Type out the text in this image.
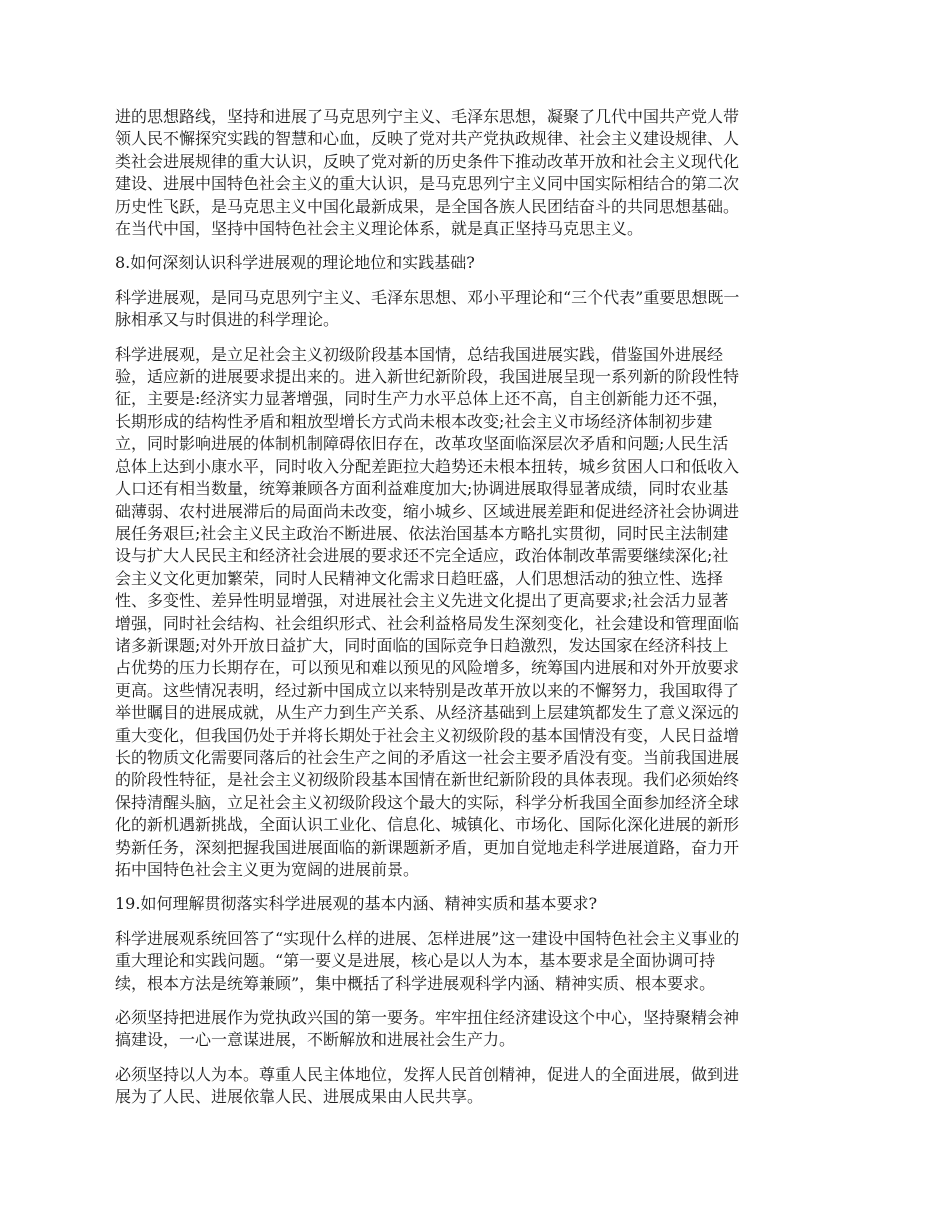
进的思想路线，坚持和进展了马克思列宁主义、毛泽东思想，凝聚了几代中国共产党人带
领人民不懈探究实践的智慧和心血，反映了党对共产党执政规律、社会主义建设规律、人
类社会进展规律的重大认识，反映了党对新的历史条件下推动改革开放和社会主义现代化
建设、进展中国特色社会主义的重大认识，是马克思列宁主义同中国实际相结合的第二次
历史性飞跃，是马克思主义中国化最新成果，是全国各族人民团结奋斗的共同思想基础。
在当代中国，坚持中国特色社会主义理论体系，就是真正坚持马克思主义。

8.如何深刻认识科学进展观的理论地位和实践基础?

科学进展观，是同马克思列宁主义、毛泽东思想、邓小平理论和“三个代表”重要思想既一
脉相承又与时俱进的科学理论。

科学进展观，是立足社会主义初级阶段基本国情，总结我国进展实践，借鉴国外进展经
验，适应新的进展要求提出来的。进入新世纪新阶段，我国进展呈现一系列新的阶段性特
征，主要是:经济实力显著增强，同时生产力水平总体上还不高，自主创新能力还不强，
长期形成的结构性矛盾和粗放型增长方式尚未根本改变;社会主义市场经济体制初步建
立，同时影响进展的体制机制障碍依旧存在，改革攻坚面临深层次矛盾和问题;人民生活
总体上达到小康水平，同时收入分配差距拉大趋势还未根本扭转，城乡贫困人口和低收入
人口还有相当数量，统筹兼顾各方面利益难度加大;协调进展取得显著成绩，同时农业基
础薄弱、农村进展滞后的局面尚未改变，缩小城乡、区域进展差距和促进经济社会协调进
展任务艰巨;社会主义民主政治不断进展、依法治国基本方略扎实贯彻，同时民主法制建
设与扩大人民民主和经济社会进展的要求还不完全适应，政治体制改革需要继续深化;社
会主义文化更加繁荣，同时人民精神文化需求日趋旺盛，人们思想活动的独立性、选择
性、多变性、差异性明显增强，对进展社会主义先进文化提出了更高要求;社会活力显著
增强，同时社会结构、社会组织形式、社会利益格局发生深刻变化，社会建设和管理面临
诸多新课题;对外开放日益扩大，同时面临的国际竞争日趋激烈，发达国家在经济科技上
占优势的压力长期存在，可以预见和难以预见的风险增多，统筹国内进展和对外开放要求
更高。这些情况表明，经过新中国成立以来特别是改革开放以来的不懈努力，我国取得了
举世瞩目的进展成就，从生产力到生产关系、从经济基础到上层建筑都发生了意义深远的
重大变化，但我国仍处于并将长期处于社会主义初级阶段的基本国情没有变，人民日益增
长的物质文化需要同落后的社会生产之间的矛盾这一社会主要矛盾没有变。当前我国进展
的阶段性特征，是社会主义初级阶段基本国情在新世纪新阶段的具体表现。我们必须始终
保持清醒头脑，立足社会主义初级阶段这个最大的实际，科学分析我国全面参加经济全球
化的新机遇新挑战，全面认识工业化、信息化、城镇化、市场化、国际化深化进展的新形
势新任务，深刻把握我国进展面临的新课题新矛盾，更加自觉地走科学进展道路，奋力开
拓中国特色社会主义更为宽阔的进展前景。

19.如何理解贯彻落实科学进展观的基本内涵、精神实质和基本要求?

科学进展观系统回答了“实现什么样的进展、怎样进展”这一建设中国特色社会主义事业的
重大理论和实践问题。“第一要义是进展，核心是以人为本，基本要求是全面协调可持
续，根本方法是统筹兼顾”，集中概括了科学进展观科学内涵、精神实质、根本要求。

必须坚持把进展作为党执政兴国的第一要务。牢牢扭住经济建设这个中心，坚持聚精会神
搞建设，一心一意谋进展，不断解放和进展社会生产力。

必须坚持以人为本。尊重人民主体地位，发挥人民首创精神，促进人的全面进展，做到进
展为了人民、进展依靠人民、进展成果由人民共享。
